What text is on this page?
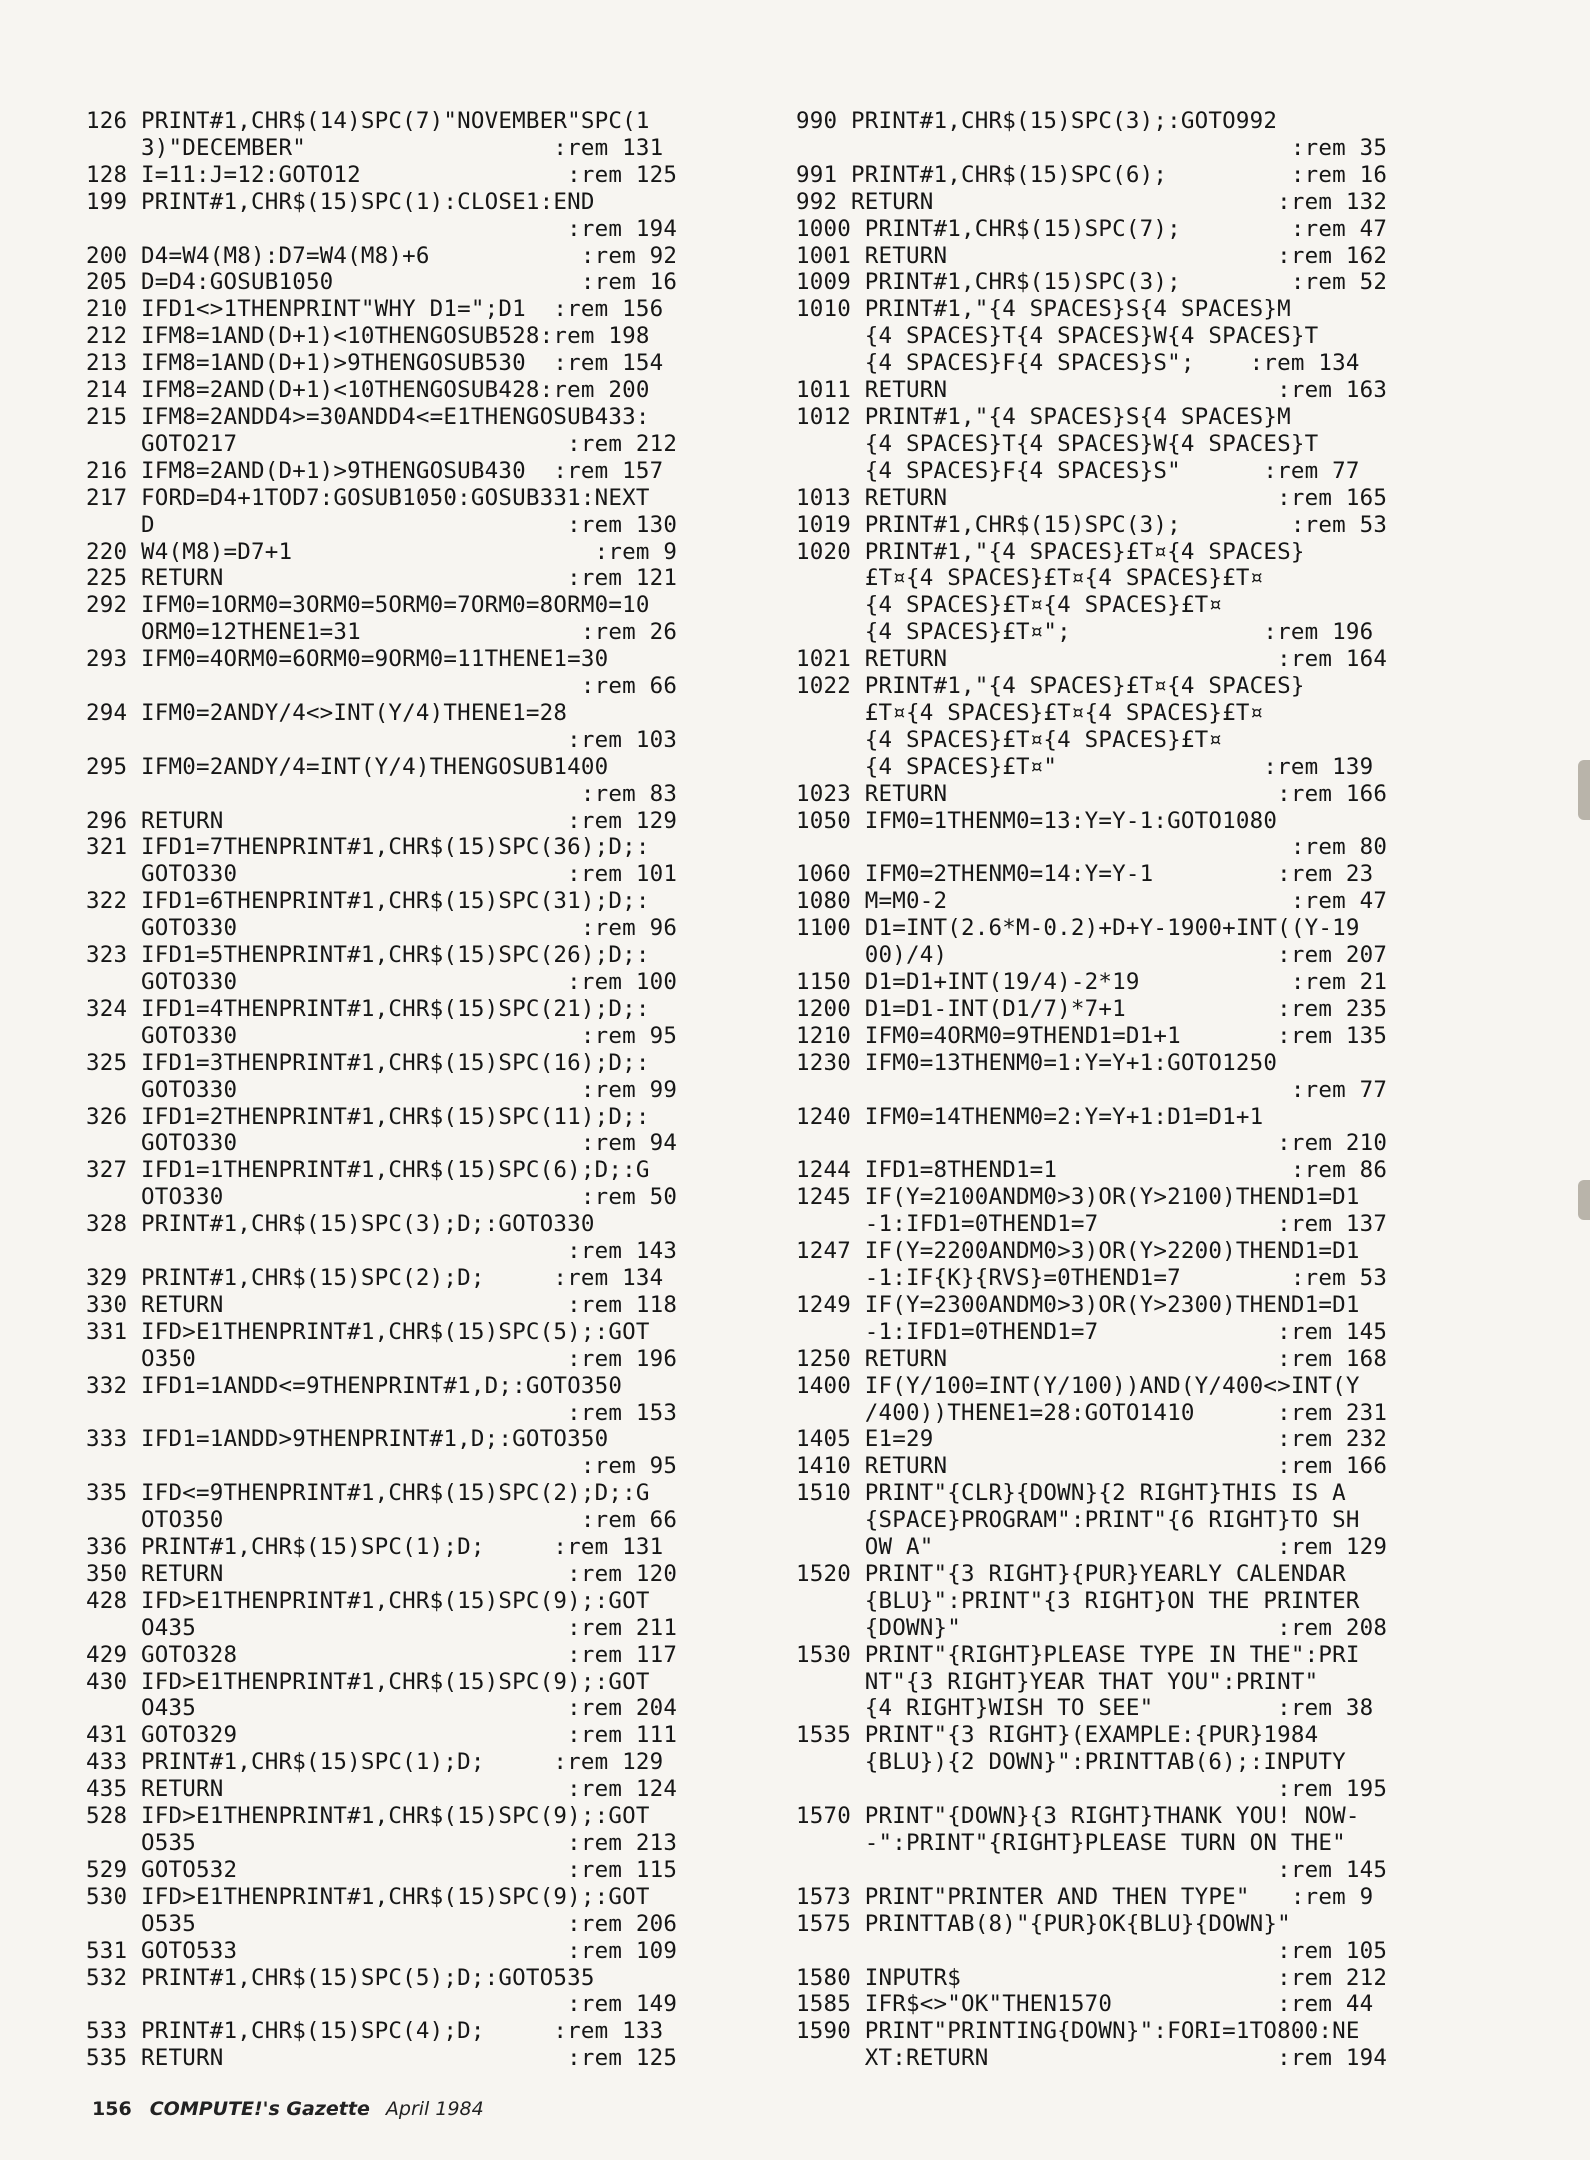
126 PRINT#1,CHR$(14)SPC(7)"NOVEMBER"SPC(1
3)"DECEMBER"                  :rem 131
128 I=11:J=12:GOTO12               :rem 125
199 PRINT#1,CHR$(15)SPC(1):CLOSE1:END
:rem 194
200 D4=W4(M8):D7=W4(M8)+6           :rem 92
205 D=D4:GOSUB1050                  :rem 16
210 IFD1<>1THENPRINT"WHY D1=";D1  :rem 156
212 IFM8=1AND(D+1)<10THENGOSUB528:rem 198
213 IFM8=1AND(D+1)>9THENGOSUB530  :rem 154
214 IFM8=2AND(D+1)<10THENGOSUB428:rem 200
215 IFM8=2ANDD4>=30ANDD4<=E1THENGOSUB433:
GOTO217                        :rem 212
216 IFM8=2AND(D+1)>9THENGOSUB430  :rem 157
217 FORD=D4+1TOD7:GOSUB1050:GOSUB331:NEXT
D                              :rem 130
220 W4(M8)=D7+1                      :rem 9
225 RETURN                         :rem 121
292 IFM0=1ORM0=3ORM0=5ORM0=7ORM0=8ORM0=10
ORM0=12THENE1=31                :rem 26
293 IFM0=4ORM0=6ORM0=9ORM0=11THENE1=30
:rem 66
294 IFM0=2ANDY/4<>INT(Y/4)THENE1=28
:rem 103
295 IFM0=2ANDY/4=INT(Y/4)THENGOSUB1400
:rem 83
296 RETURN                         :rem 129
321 IFD1=7THENPRINT#1,CHR$(15)SPC(36);D;:
GOTO330                        :rem 101
322 IFD1=6THENPRINT#1,CHR$(15)SPC(31);D;:
GOTO330                         :rem 96
323 IFD1=5THENPRINT#1,CHR$(15)SPC(26);D;:
GOTO330                        :rem 100
324 IFD1=4THENPRINT#1,CHR$(15)SPC(21);D;:
GOTO330                         :rem 95
325 IFD1=3THENPRINT#1,CHR$(15)SPC(16);D;:
GOTO330                         :rem 99
326 IFD1=2THENPRINT#1,CHR$(15)SPC(11);D;:
GOTO330                         :rem 94
327 IFD1=1THENPRINT#1,CHR$(15)SPC(6);D;:G
OTO330                          :rem 50
328 PRINT#1,CHR$(15)SPC(3);D;:GOTO330
:rem 143
329 PRINT#1,CHR$(15)SPC(2);D;     :rem 134
330 RETURN                         :rem 118
331 IFD>E1THENPRINT#1,CHR$(15)SPC(5);:GOT
O350                           :rem 196
332 IFD1=1ANDD<=9THENPRINT#1,D;:GOTO350
:rem 153
333 IFD1=1ANDD>9THENPRINT#1,D;:GOTO350
:rem 95
335 IFD<=9THENPRINT#1,CHR$(15)SPC(2);D;:G
OTO350                          :rem 66
336 PRINT#1,CHR$(15)SPC(1);D;     :rem 131
350 RETURN                         :rem 120
428 IFD>E1THENPRINT#1,CHR$(15)SPC(9);:GOT
O435                           :rem 211
429 GOTO328                        :rem 117
430 IFD>E1THENPRINT#1,CHR$(15)SPC(9);:GOT
O435                           :rem 204
431 GOTO329                        :rem 111
433 PRINT#1,CHR$(15)SPC(1);D;     :rem 129
435 RETURN                         :rem 124
528 IFD>E1THENPRINT#1,CHR$(15)SPC(9);:GOT
O535                           :rem 213
529 GOTO532                        :rem 115
530 IFD>E1THENPRINT#1,CHR$(15)SPC(9);:GOT
O535                           :rem 206
531 GOTO533                        :rem 109
532 PRINT#1,CHR$(15)SPC(5);D;:GOTO535
:rem 149
533 PRINT#1,CHR$(15)SPC(4);D;     :rem 133
535 RETURN                         :rem 125
990 PRINT#1,CHR$(15)SPC(3);:GOTO992
:rem 35
991 PRINT#1,CHR$(15)SPC(6);         :rem 16
992 RETURN                         :rem 132
1000 PRINT#1,CHR$(15)SPC(7);        :rem 47
1001 RETURN                        :rem 162
1009 PRINT#1,CHR$(15)SPC(3);        :rem 52
1010 PRINT#1,"{4 SPACES}S{4 SPACES}M
{4 SPACES}T{4 SPACES}W{4 SPACES}T
{4 SPACES}F{4 SPACES}S";    :rem 134
1011 RETURN                        :rem 163
1012 PRINT#1,"{4 SPACES}S{4 SPACES}M
{4 SPACES}T{4 SPACES}W{4 SPACES}T
{4 SPACES}F{4 SPACES}S"      :rem 77
1013 RETURN                        :rem 165
1019 PRINT#1,CHR$(15)SPC(3);        :rem 53
1020 PRINT#1,"{4 SPACES}£T¤{4 SPACES}
£T¤{4 SPACES}£T¤{4 SPACES}£T¤
{4 SPACES}£T¤{4 SPACES}£T¤
{4 SPACES}£T¤";              :rem 196
1021 RETURN                        :rem 164
1022 PRINT#1,"{4 SPACES}£T¤{4 SPACES}
£T¤{4 SPACES}£T¤{4 SPACES}£T¤
{4 SPACES}£T¤{4 SPACES}£T¤
{4 SPACES}£T¤"               :rem 139
1023 RETURN                        :rem 166
1050 IFM0=1THENM0=13:Y=Y-1:GOTO1080
:rem 80
1060 IFM0=2THENM0=14:Y=Y-1         :rem 23
1080 M=M0-2                         :rem 47
1100 D1=INT(2.6*M-0.2)+D+Y-1900+INT((Y-19
00)/4)                        :rem 207
1150 D1=D1+INT(19/4)-2*19           :rem 21
1200 D1=D1-INT(D1/7)*7+1           :rem 235
1210 IFM0=4ORM0=9THEND1=D1+1       :rem 135
1230 IFM0=13THENM0=1:Y=Y+1:GOTO1250
:rem 77
1240 IFM0=14THENM0=2:Y=Y+1:D1=D1+1
:rem 210
1244 IFD1=8THEND1=1                 :rem 86
1245 IF(Y=2100ANDM0>3)OR(Y>2100)THEND1=D1
-1:IFD1=0THEND1=7             :rem 137
1247 IF(Y=2200ANDM0>3)OR(Y>2200)THEND1=D1
-1:IF{K}{RVS}=0THEND1=7        :rem 53
1249 IF(Y=2300ANDM0>3)OR(Y>2300)THEND1=D1
-1:IFD1=0THEND1=7             :rem 145
1250 RETURN                        :rem 168
1400 IF(Y/100=INT(Y/100))AND(Y/400<>INT(Y
/400))THENE1=28:GOTO1410      :rem 231
1405 E1=29                         :rem 232
1410 RETURN                        :rem 166
1510 PRINT"{CLR}{DOWN}{2 RIGHT}THIS IS A
{SPACE}PROGRAM":PRINT"{6 RIGHT}TO SH
OW A"                         :rem 129
1520 PRINT"{3 RIGHT}{PUR}YEARLY CALENDAR
{BLU}":PRINT"{3 RIGHT}ON THE PRINTER
{DOWN}"                       :rem 208
1530 PRINT"{RIGHT}PLEASE TYPE IN THE":PRI
NT"{3 RIGHT}YEAR THAT YOU":PRINT"
{4 RIGHT}WISH TO SEE"         :rem 38
1535 PRINT"{3 RIGHT}(EXAMPLE:{PUR}1984
{BLU}){2 DOWN}":PRINTTAB(6);:INPUTY
:rem 195
1570 PRINT"{DOWN}{3 RIGHT}THANK YOU! NOW-
-":PRINT"{RIGHT}PLEASE TURN ON THE"
:rem 145
1573 PRINT"PRINTER AND THEN TYPE"   :rem 9
1575 PRINTTAB(8)"{PUR}OK{BLU}{DOWN}"
:rem 105
1580 INPUTR$                       :rem 212
1585 IFR$<>"OK"THEN1570            :rem 44
1590 PRINT"PRINTING{DOWN}":FORI=1TO800:NE
XT:RETURN                     :rem 194
156 COMPUTE!'s Gazette April 1984
